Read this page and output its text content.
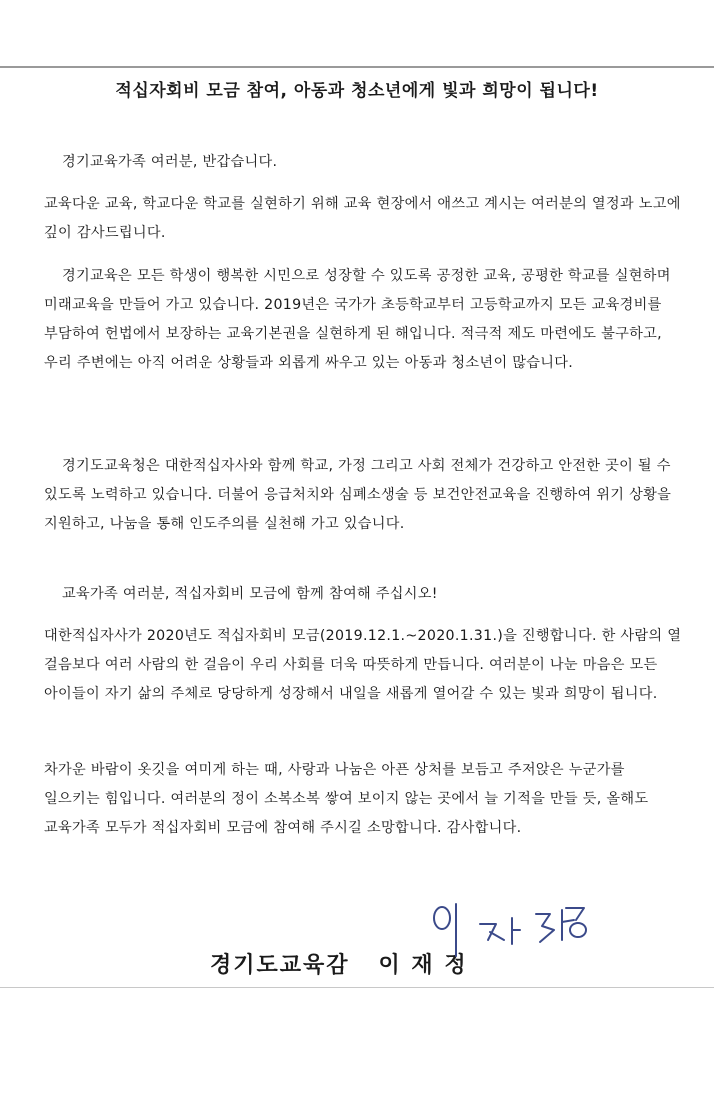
적십자회비 모금 참여, 아동과 청소년에게 빛과 희망이 됩니다!

경기교육가족 여러분, 반갑습니다.

교육다운 교육, 학교다운 학교를 실현하기 위해 교육 현장에서 애쓰고 계시는 여러분의 열정과 노고에 깊이 감사드립니다.

경기교육은 모든 학생이 행복한 시민으로 성장할 수 있도록 공정한 교육, 공평한 학교를 실현하며 미래교육을 만들어 가고 있습니다. 2019년은 국가가 초등학교부터 고등학교까지 모든 교육경비를 부담하여 헌법에서 보장하는 교육기본권을 실현하게 된 해입니다. 적극적 제도 마련에도 불구하고, 우리 주변에는 아직 어려운 상황들과 외롭게 싸우고 있는 아동과 청소년이 많습니다.

경기도교육청은 대한적십자사와 함께 학교, 가정 그리고 사회 전체가 건강하고 안전한 곳이 될 수 있도록 노력하고 있습니다. 더불어 응급처치와 심폐소생술 등 보건안전교육을 진행하여 위기 상황을 지원하고, 나눔을 통해 인도주의를 실천해 가고 있습니다.

교육가족 여러분, 적십자회비 모금에 함께 참여해 주십시오!

대한적십자사가 2020년도 적십자회비 모금(2019.12.1.~2020.1.31.)을 진행합니다. 한 사람의 열 걸음보다 여러 사람의 한 걸음이 우리 사회를 더욱 따뜻하게 만듭니다. 여러분이 나눈 마음은 모든 아이들이 자기 삶의 주체로 당당하게 성장해서 내일을 새롭게 열어갈 수 있는 빛과 희망이 됩니다.

차가운 바람이 옷깃을 여미게 하는 때, 사랑과 나눔은 아픈 상처를 보듬고 주저앉은 누군가를 일으키는 힘입니다. 여러분의 정이 소복소복 쌓여 보이지 않는 곳에서 늘 기적을 만들 듯, 올해도 교육가족 모두가 적십자회비 모금에 참여해 주시길 소망합니다. 감사합니다.

경기도교육감 이 재 정
